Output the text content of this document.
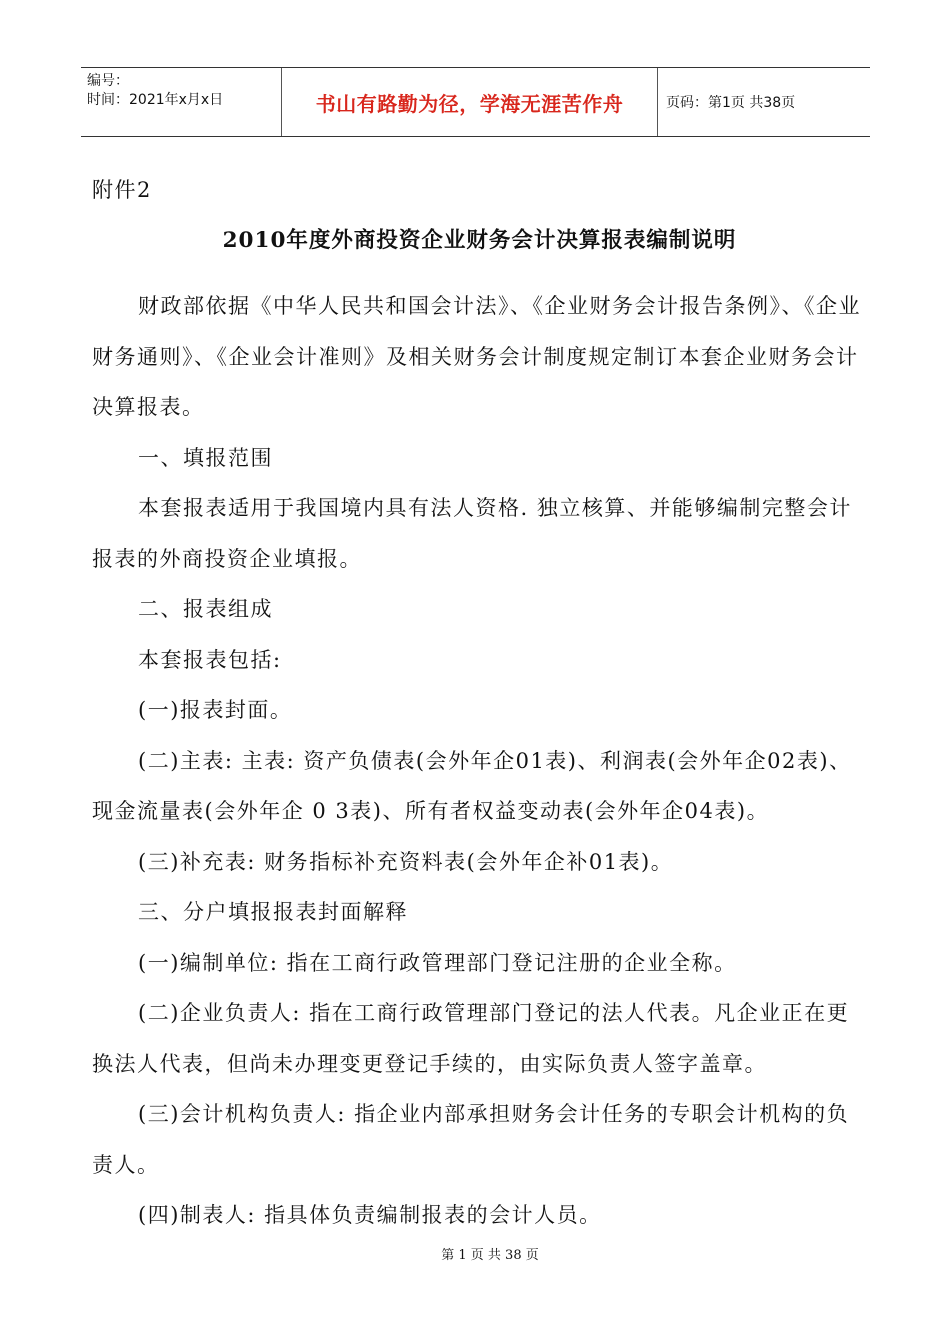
编号：
时间：2021年x月x日	书山有路勤为径，学海无涯苦作舟	页码：第1页 共38页

附件2

2010年度外商投资企业财务会计决算报表编制说明

财政部依据《中华人民共和国会计法》、《企业财务会计报告条例》、《企业财务通则》、《企业会计准则》及相关财务会计制度规定制订本套企业财务会计决算报表。

一、填报范围

本套报表适用于我国境内具有法人资格. 独立核算、并能够编制完整会计报表的外商投资企业填报。

二、报表组成

本套报表包括:

(一)报表封面。

(二)主表: 主表: 资产负债表(会外年企01表)、利润表(会外年企02表)、现金流量表(会外年企 0 3表)、所有者权益变动表(会外年企04表)。

(三)补充表: 财务指标补充资料表(会外年企补01表)。

三、分户填报报表封面解释

(一)编制单位: 指在工商行政管理部门登记注册的企业全称。

(二)企业负责人: 指在工商行政管理部门登记的法人代表。凡企业正在更换法人代表，但尚未办理变更登记手续的，由实际负责人签字盖章。

(三)会计机构负责人: 指企业内部承担财务会计任务的专职会计机构的负责人。

(四)制表人: 指具体负责编制报表的会计人员。

第 1 页 共 38 页
